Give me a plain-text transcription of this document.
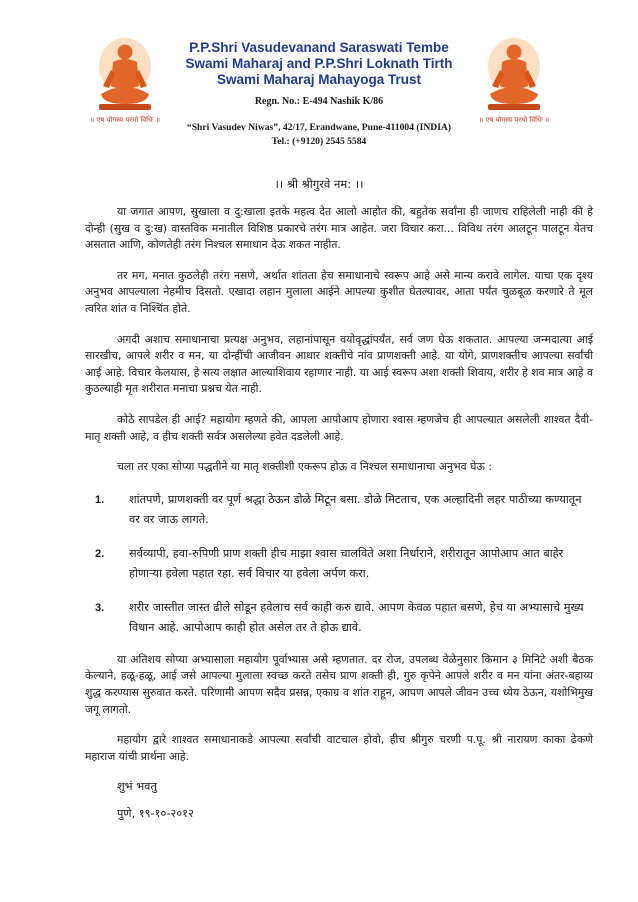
॥ एष योगस्य परमो विधिः ॥
P.P.Shri Vasudevanand Saraswati Tembe
Swami Maharaj and P.P.Shri Loknath Tirth
Swami Maharaj Mahayoga Trust
Regn. No.: E-494 Nashik K/86
“Shri Vasudev Niwas”, 42/17, Erandwane, Pune-411004 (INDIA)
Tel.: (+9120) 2545 5584
॥ एष योगस्य परमो विधिः ॥
।। श्री श्रीगुरवे नम: ।।

या जगात आपण, सुखाला व दु:खाला इतके महत्व देत आलो आहोत की, बहुतेक सर्वांना ही जाणच राहिलेली नाही की हे दोन्ही (सुख व दु:ख) वास्तविक मनातील विशिष्ठ प्रकारचे तरंग मात्र आहेत. जरा विचार करा... विविध तरंग आलटून पालटून येतच असतात आणि, कोणतेही तरंग निश्चल समाधान देऊ शकत नाहीत.

तर मग, मनात कुठलेही तरंग नसणे, अर्थात शांतता हेच समाधानाचे स्वरूप आहे असे मान्य करावे लागेल. याचा एक दृश्य अनुभव आपल्याला नेहमीच दिसतो. एखादा लहान मुलाला आईने आपल्या कुशीत घेतल्यावर, आता पर्यंत चुळबूळ करणारे ते मूल त्वरित शांत व निश्चिंत होते.

अगदी अशाच समाधानाचा प्रत्यक्ष अनुभव, लहानांपासून वयोवृद्धांपर्यंत, सर्व जण घेऊ शकतात. आपल्या जन्मदात्या आई सारखीच, आपले शरीर व मन, या दोन्हींची आजीवन आधार शक्तीचे नांव प्राणशक्ती आहे. या योगे, प्राणशक्तीच आपल्या सर्वांची आई आहे. विचार केलयास, हे सत्य लक्षात आल्याशिवाय रहाणार नाही. या आई स्वरूप अशा शक्ती शिवाय, शरीर हे शव मात्र आहे व कुठल्याही मृत शरीरात मनाचा प्रश्नच येत नाही.

कोठे सापडेल ही आई? महायोग म्हणते की, आपला आपोआप होणारा श्वास म्हणजेच ही आपल्यात असलेली शाश्वत दैवी-मातृ शक्ती आहे, व हीच शक्ती सर्वत्र असलेल्या हवेत दडलेली आहे.

चला तर एका सोप्या पद्धतीने या मातृ शक्तीशी एकरूप होऊ व निश्चल समाधानाचा अनुभव घेऊ :

1. शांतपणे, प्राणशक्ती वर पूर्ण श्रद्धा ठेऊन डोळे मिटून बसा. डोळे मिटताच, एक अल्हादिनी लहर पाठीच्या कण्यातून वर वर जाऊ लागते.
2. सर्वव्यापी, हवा-रुपिणी प्राण शक्ती हीच माझा श्वास चालविते अशा निर्धाराने, शरीरातून आपोआप आत बाहेर होणाऱ्या हवेला पहात रहा. सर्व विचार या हवेला अर्पण करा.
3. शरीर जास्तीत जास्त ढीले सोडून हवेलाच सर्व काही करु द्यावे. आपण केवळ पहात बसणे, हेच या अभ्यासाचे मुख्य विधान आहे. आपोआप काही होत असेल तर ते होऊ द्यावे.

या अतिशय सोप्या अभ्यासाला महायोग पूर्वाभ्यास असे म्हणतात. दर रोज, उपलब्ध वेळेनुसार किमान ३ मिनिटे अशी बैठक केल्याने, हळू-हळू, आई जसे आपल्या मुलाला स्वच्छ करते तसेच प्राण शक्ती ही, गुरु कृपेने आपले शरीर व मन यांना अंतर-बहाय्य शुद्ध करण्यास सुरुवात करते. परिणामी आपण सदैव प्रसन्न, एकाग्र व शांत राहून, आपण आपले जीवन उच्च ध्येय ठेऊन, यशोभिमुख जगू लागतो.

महायोग द्वारे शाश्वत समाधानाकडे आपल्या सर्वांची वाटचाल होवो, हीच श्रीगुरु चरणी प.पू. श्री नारायण काका ढेकणे महाराज यांची प्रार्थना आहे.

शुभं भवतु
पुणे, १९-१०-२०१२
